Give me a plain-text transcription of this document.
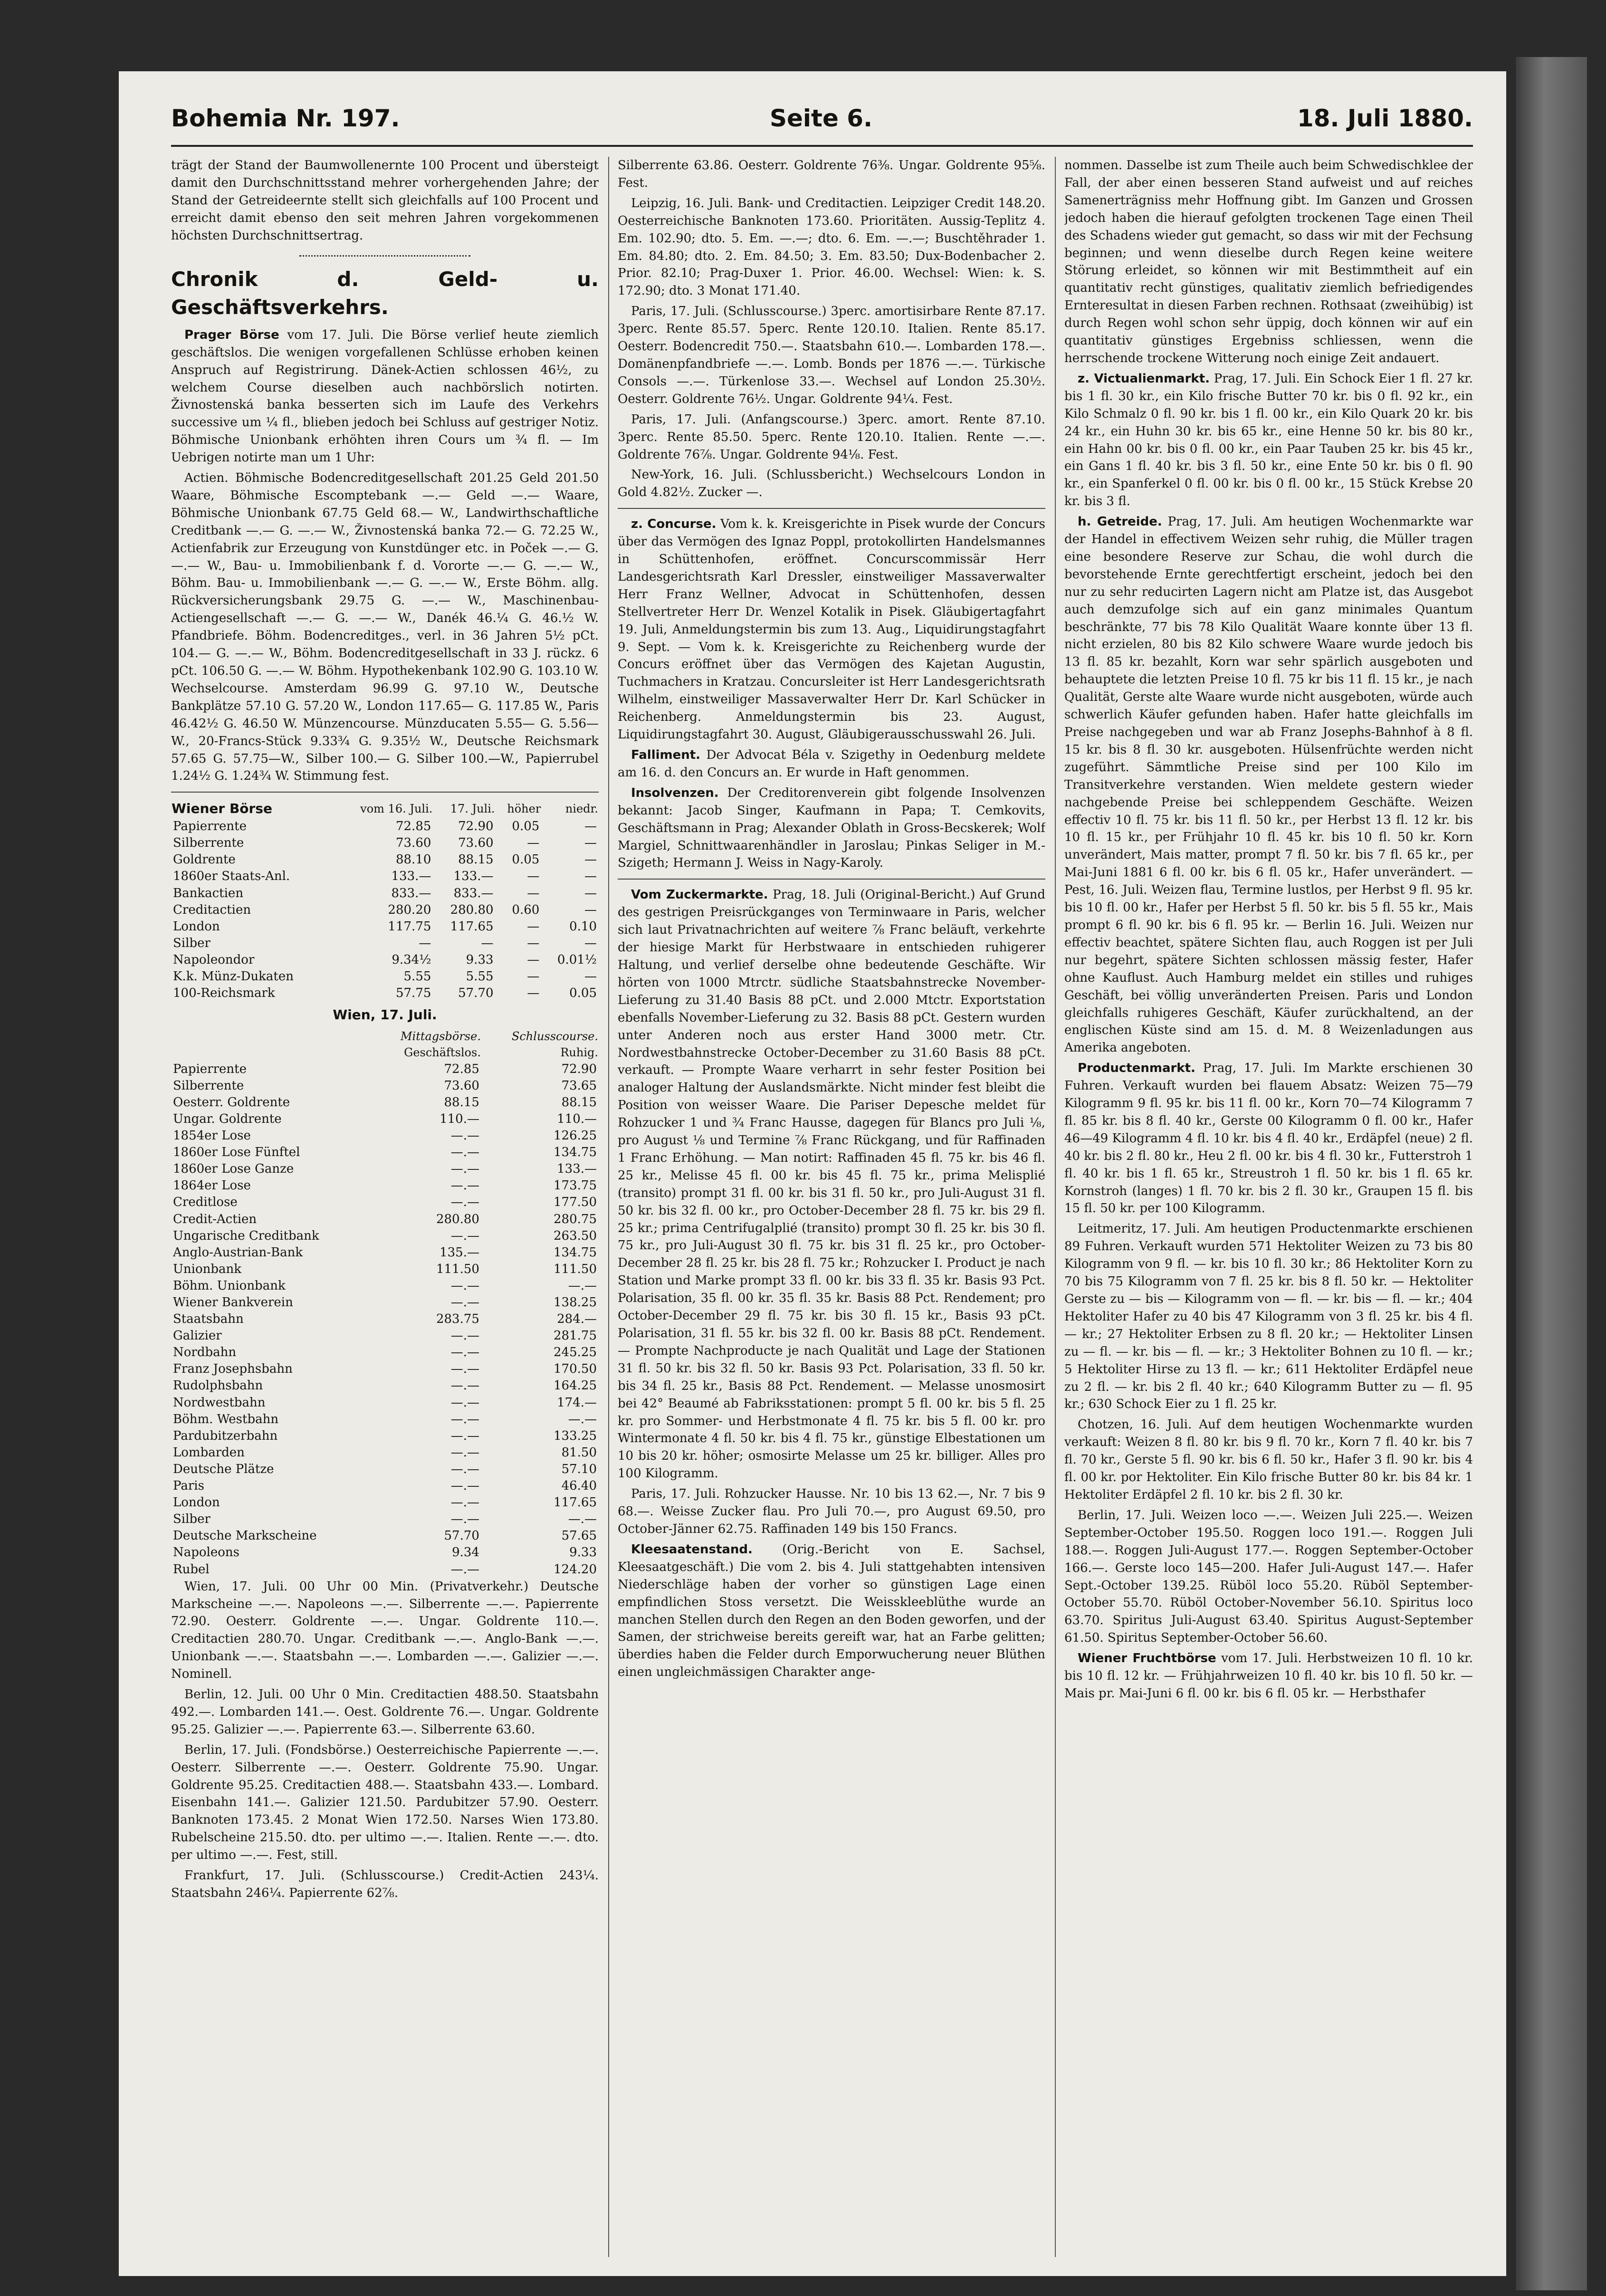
Bohemia Nr. 197.	Seite 6.	18. Juli 1880.

trägt der Stand der Baumwollenernte 100 Procent und übersteigt damit den Durchschnittsstand mehrer vorhergehenden Jahre; der Stand der Getreideernte stellt sich gleichfalls auf 100 Procent und erreicht damit ebenso den seit mehren Jahren vorgekommenen höchsten Durchschnittsertrag.

Chronik d. Geld- u. Geschäftsverkehrs.

Prager Börse vom 17. Juli. Die Börse verlief heute ziemlich geschäftslos. Die wenigen vorgefallenen Schlüsse erhoben keinen Anspruch auf Registrirung. Dänek-Actien schlossen 46½, zu welchem Course dieselben auch nachbörslich notirten. Živnostenská banka besserten sich im Laufe des Verkehrs successive um ¼ fl., blieben jedoch bei Schluss auf gestriger Notiz. Böhmische Unionbank erhöhten ihren Cours um ¾ fl. — Im Uebrigen notirte man um 1 Uhr:

Actien. Böhmische Bodencreditgesellschaft 201.25 Geld 201.50 Waare, Böhmische Escomptebank —.— Geld —.— Waare, Böhmische Unionbank 67.75 Geld 68.— W., Landwirthschaftliche Creditbank —.— G. —.— W., Živnostenská banka 72.— G. 72.25 W., Actienfabrik zur Erzeugung von Kunstdünger etc. in Poček —.— G. —.— W., Bau- u. Immobilienbank f. d. Vororte —.— G. —.— W., Böhm. Bau- u. Immobilienbank —.— G. —.— W., Erste Böhm. allg. Rückversicherungsbank 29.75 G. —.— W., Maschinenbau-Actiengesellschaft —.— G. —.— W., Danék 46.¼ G. 46.½ W. Pfandbriefe. Böhm. Bodencreditges., verl. in 36 Jahren 5½ pCt. 104.— G. —.— W., Böhm. Bodencreditgesellschaft in 33 J. rückz. 6 pCt. 106.50 G. —.— W. Böhm. Hypothekenbank 102.90 G. 103.10 W. Wechselcourse. Amsterdam 96.99 G. 97.10 W., Deutsche Bankplätze 57.10 G. 57.20 W., London 117.65— G. 117.85 W., Paris 46.42½ G. 46.50 W. Münzencourse. Münzducaten 5.55— G. 5.56— W., 20-Francs-Stück 9.33¾ G. 9.35½ W., Deutsche Reichsmark 57.65 G. 57.75—W., Silber 100.— G. Silber 100.—W., Papierrubel 1.24½ G. 1.24¾ W. Stimmung fest.

Wiener Börse	vom 16. Juli.	17. Juli.	höher	niedr.
Papierrente	72.85	72.90	0.05	—
Silberrente	73.60	73.60	—	—
Goldrente	88.10	88.15	0.05	—
1860er Staats-Anl.	133.—	133.—	—	—
Bankactien	833.—	833.—	—	—
Creditactien	280.20	280.80	0.60	—
London	117.75	117.65	—	0.10
Silber	—	—	—	—
Napoleondor	9.34½	9.33	—	0.01½
K.k. Münz-Dukaten	5.55	5.55	—	—
100-Reichsmark	57.75	57.70	—	0.05
Wien, 17. Juli.
	Mittagsbörse.	Schlusscourse.
	Geschäftslos.	Ruhig.
Papierrente	72.85	72.90
Silberrente	73.60	73.65
Oesterr. Goldrente	88.15	88.15
Ungar. Goldrente	110.—	110.—
1854er Lose	—.—	126.25
1860er Lose Fünftel	—.—	134.75
1860er Lose Ganze	—.—	133.—
1864er Lose	—.—	173.75
Creditlose	—.—	177.50
Credit-Actien	280.80	280.75
Ungarische Creditbank	—.—	263.50
Anglo-Austrian-Bank	135.—	134.75
Unionbank	111.50	111.50
Böhm. Unionbank	—.—	—.—
Wiener Bankverein	—.—	138.25
Staatsbahn	283.75	284.—
Galizier	—.—	281.75
Nordbahn	—.—	245.25
Franz Josephsbahn	—.—	170.50
Rudolphsbahn	—.—	164.25
Nordwestbahn	—.—	174.—
Böhm. Westbahn	—.—	—.—
Pardubitzerbahn	—.—	133.25
Lombarden	—.—	81.50
Deutsche Plätze	—.—	57.10
Paris	—.—	46.40
London	—.—	117.65
Silber	—.—	—.—
Deutsche Markscheine	57.70	57.65
Napoleons	9.34	9.33
Rubel	—.—	124.20

Wien, 17. Juli. 00 Uhr 00 Min. (Privatverkehr.) Deutsche Markscheine —.—. Napoleons —.—. Silberrente —.—. Papierrente 72.90. Oesterr. Goldrente —.—. Ungar. Goldrente 110.—. Creditactien 280.70. Ungar. Creditbank —.—. Anglo-Bank —.—. Unionbank —.—. Staatsbahn —.—. Lombarden —.—. Galizier —.—. Nominell.

Berlin, 12. Juli. 00 Uhr 0 Min. Creditactien 488.50. Staatsbahn 492.—. Lombarden 141.—. Oest. Goldrente 76.—. Ungar. Goldrente 95.25. Galizier —.—. Papierrente 63.—. Silberrente 63.60.

Berlin, 17. Juli. (Fondsbörse.) Oesterreichische Papierrente —.—. Oesterr. Silberrente —.—. Oesterr. Goldrente 75.90. Ungar. Goldrente 95.25. Creditactien 488.—. Staatsbahn 433.—. Lombard. Eisenbahn 141.—. Galizier 121.50. Pardubitzer 57.90. Oesterr. Banknoten 173.45. 2 Monat Wien 172.50. Narses Wien 173.80. Rubelscheine 215.50. dto. per ultimo —.—. Italien. Rente —.—. dto. per ultimo —.—. Fest, still.

Frankfurt, 17. Juli. (Schlusscourse.) Credit-Actien 243¼. Staatsbahn 246¼. Papierrente 62⅞.

Silberrente 63.86. Oesterr. Goldrente 76⅜. Ungar. Goldrente 95⅝. Fest.

Leipzig, 16. Juli. Bank- und Creditactien. Leipziger Credit 148.20. Oesterreichische Banknoten 173.60. Prioritäten. Aussig-Teplitz 4. Em. 102.90; dto. 5. Em. —.—; dto. 6. Em. —.—; Buschtěhrader 1. Em. 84.80; dto. 2. Em. 84.50; 3. Em. 83.50; Dux-Bodenbacher 2. Prior. 82.10; Prag-Duxer 1. Prior. 46.00. Wechsel: Wien: k. S. 172.90; dto. 3 Monat 171.40.

Paris, 17. Juli. (Schlusscourse.) 3perc. amortisirbare Rente 87.17. 3perc. Rente 85.57. 5perc. Rente 120.10. Italien. Rente 85.17. Oesterr. Bodencredit 750.—. Staatsbahn 610.—. Lombarden 178.—. Domänenpfandbriefe —.—. Lomb. Bonds per 1876 —.—. Türkische Consols —.—. Türkenlose 33.—. Wechsel auf London 25.30½. Oesterr. Goldrente 76½. Ungar. Goldrente 94¼. Fest.

Paris, 17. Juli. (Anfangscourse.) 3perc. amort. Rente 87.10. 3perc. Rente 85.50. 5perc. Rente 120.10. Italien. Rente —.—. Goldrente 76⅞. Ungar. Goldrente 94⅛. Fest.

New-York, 16. Juli. (Schlussbericht.) Wechselcours London in Gold 4.82½. Zucker —.

z. Concurse. Vom k. k. Kreisgerichte in Pisek wurde der Concurs über das Vermögen des Ignaz Poppl, protokollirten Handelsmannes in Schüttenhofen, eröffnet. Concurscommissär Herr Landesgerichtsrath Karl Dressler, einstweiliger Massaverwalter Herr Franz Wellner, Advocat in Schüttenhofen, dessen Stellvertreter Herr Dr. Wenzel Kotalik in Pisek. Gläubigertagfahrt 19. Juli, Anmeldungstermin bis zum 13. Aug., Liquidirungstagfahrt 9. Sept. — Vom k. k. Kreisgerichte zu Reichenberg wurde der Concurs eröffnet über das Vermögen des Kajetan Augustin, Tuchmachers in Kratzau. Concursleiter ist Herr Landesgerichtsrath Wilhelm, einstweiliger Massaverwalter Herr Dr. Karl Schücker in Reichenberg. Anmeldungstermin bis 23. August, Liquidirungstagfahrt 30. August, Gläubigerausschusswahl 26. Juli.

Falliment. Der Advocat Béla v. Szigethy in Oedenburg meldete am 16. d. den Concurs an. Er wurde in Haft genommen.

Insolvenzen. Der Creditorenverein gibt folgende Insolvenzen bekannt: Jacob Singer, Kaufmann in Papa; T. Cemkovits, Geschäftsmann in Prag; Alexander Oblath in Gross-Becskerek; Wolf Margiel, Schnittwaarenhändler in Jaroslau; Pinkas Seliger in M.-Szigeth; Hermann J. Weiss in Nagy-Karoly.

Vom Zuckermarkte. Prag, 18. Juli (Original-Bericht.) Auf Grund des gestrigen Preisrückganges von Terminwaare in Paris, welcher sich laut Privatnachrichten auf weitere ⅞ Franc beläuft, verkehrte der hiesige Markt für Herbstwaare in entschieden ruhigerer Haltung, und verlief derselbe ohne bedeutende Geschäfte. Wir hörten von 1000 Mtrctr. südliche Staatsbahnstrecke November-Lieferung zu 31.40 Basis 88 pCt. und 2.000 Mtctr. Exportstation ebenfalls November-Lieferung zu 32. Basis 88 pCt. Gestern wurden unter Anderen noch aus erster Hand 3000 metr. Ctr. Nordwestbahnstrecke October-December zu 31.60 Basis 88 pCt. verkauft. — Prompte Waare verharrt in sehr fester Position bei analoger Haltung der Auslandsmärkte. Nicht minder fest bleibt die Position von weisser Waare. Die Pariser Depesche meldet für Rohzucker 1 und ¾ Franc Hausse, dagegen für Blancs pro Juli ⅛, pro August ⅛ und Termine ⅞ Franc Rückgang, und für Raffinaden 1 Franc Erhöhung. — Man notirt: Raffinaden 45 fl. 75 kr. bis 46 fl. 25 kr., Melisse 45 fl. 00 kr. bis 45 fl. 75 kr., prima Melisplié (transito) prompt 31 fl. 00 kr. bis 31 fl. 50 kr., pro Juli-August 31 fl. 50 kr. bis 32 fl. 00 kr., pro October-December 28 fl. 75 kr. bis 29 fl. 25 kr.; prima Centrifugalplié (transito) prompt 30 fl. 25 kr. bis 30 fl. 75 kr., pro Juli-August 30 fl. 75 kr. bis 31 fl. 25 kr., pro October-December 28 fl. 25 kr. bis 28 fl. 75 kr.; Rohzucker I. Product je nach Station und Marke prompt 33 fl. 00 kr. bis 33 fl. 35 kr. Basis 93 Pct. Polarisation, 35 fl. 00 kr. 35 fl. 35 kr. Basis 88 Pct. Rendement; pro October-December 29 fl. 75 kr. bis 30 fl. 15 kr., Basis 93 pCt. Polarisation, 31 fl. 55 kr. bis 32 fl. 00 kr. Basis 88 pCt. Rendement. — Prompte Nachproducte je nach Qualität und Lage der Stationen 31 fl. 50 kr. bis 32 fl. 50 kr. Basis 93 Pct. Polarisation, 33 fl. 50 kr. bis 34 fl. 25 kr., Basis 88 Pct. Rendement. — Melasse unosmosirt bei 42° Beaumé ab Fabriksstationen: prompt 5 fl. 00 kr. bis 5 fl. 25 kr. pro Sommer- und Herbstmonate 4 fl. 75 kr. bis 5 fl. 00 kr. pro Wintermonate 4 fl. 50 kr. bis 4 fl. 75 kr., günstige Elbestationen um 10 bis 20 kr. höher; osmosirte Melasse um 25 kr. billiger. Alles pro 100 Kilogramm.

Paris, 17. Juli. Rohzucker Hausse. Nr. 10 bis 13 62.—, Nr. 7 bis 9 68.—. Weisse Zucker flau. Pro Juli 70.—, pro August 69.50, pro October-Jänner 62.75. Raffinaden 149 bis 150 Francs.

Kleesaatenstand. (Orig.-Bericht von E. Sachsel, Kleesaatgeschäft.) Die vom 2. bis 4. Juli stattgehabten intensiven Niederschläge haben der vorher so günstigen Lage einen empfindlichen Stoss versetzt. Die Weisskleeblüthe wurde an manchen Stellen durch den Regen an den Boden geworfen, und der Samen, der strichweise bereits gereift war, hat an Farbe gelitten; überdies haben die Felder durch Emporwucherung neuer Blüthen einen ungleichmässigen Charakter ange-

nommen. Dasselbe ist zum Theile auch beim Schwedischklee der Fall, der aber einen besseren Stand aufweist und auf reiches Samenerträgniss mehr Hoffnung gibt. Im Ganzen und Grossen jedoch haben die hierauf gefolgten trockenen Tage einen Theil des Schadens wieder gut gemacht, so dass wir mit der Fechsung beginnen; und wenn dieselbe durch Regen keine weitere Störung erleidet, so können wir mit Bestimmtheit auf ein quantitativ recht günstiges, qualitativ ziemlich befriedigendes Ernteresultat in diesen Farben rechnen. Rothsaat (zweihübig) ist durch Regen wohl schon sehr üppig, doch können wir auf ein quantitativ günstiges Ergebniss schliessen, wenn die herrschende trockene Witterung noch einige Zeit andauert.

z. Victualienmarkt. Prag, 17. Juli. Ein Schock Eier 1 fl. 27 kr. bis 1 fl. 30 kr., ein Kilo frische Butter 70 kr. bis 0 fl. 92 kr., ein Kilo Schmalz 0 fl. 90 kr. bis 1 fl. 00 kr., ein Kilo Quark 20 kr. bis 24 kr., ein Huhn 30 kr. bis 65 kr., eine Henne 50 kr. bis 80 kr., ein Hahn 00 kr. bis 0 fl. 00 kr., ein Paar Tauben 25 kr. bis 45 kr., ein Gans 1 fl. 40 kr. bis 3 fl. 50 kr., eine Ente 50 kr. bis 0 fl. 90 kr., ein Spanferkel 0 fl. 00 kr. bis 0 fl. 00 kr., 15 Stück Krebse 20 kr. bis 3 fl.

h. Getreide. Prag, 17. Juli. Am heutigen Wochenmarkte war der Handel in effectivem Weizen sehr ruhig, die Müller tragen eine besondere Reserve zur Schau, die wohl durch die bevorstehende Ernte gerechtfertigt erscheint, jedoch bei den nur zu sehr reducirten Lagern nicht am Platze ist, das Ausgebot auch demzufolge sich auf ein ganz minimales Quantum beschränkte, 77 bis 78 Kilo Qualität Waare konnte über 13 fl. nicht erzielen, 80 bis 82 Kilo schwere Waare wurde jedoch bis 13 fl. 85 kr. bezahlt, Korn war sehr spärlich ausgeboten und behauptete die letzten Preise 10 fl. 75 kr bis 11 fl. 15 kr., je nach Qualität, Gerste alte Waare wurde nicht ausgeboten, würde auch schwerlich Käufer gefunden haben. Hafer hatte gleichfalls im Preise nachgegeben und war ab Franz Josephs-Bahnhof à 8 fl. 15 kr. bis 8 fl. 30 kr. ausgeboten. Hülsenfrüchte werden nicht zugeführt. Sämmtliche Preise sind per 100 Kilo im Transitverkehre verstanden. Wien meldete gestern wieder nachgebende Preise bei schleppendem Geschäfte. Weizen effectiv 10 fl. 75 kr. bis 11 fl. 50 kr., per Herbst 13 fl. 12 kr. bis 10 fl. 15 kr., per Frühjahr 10 fl. 45 kr. bis 10 fl. 50 kr. Korn unverändert, Mais matter, prompt 7 fl. 50 kr. bis 7 fl. 65 kr., per Mai-Juni 1881 6 fl. 00 kr. bis 6 fl. 05 kr., Hafer unverändert. — Pest, 16. Juli. Weizen flau, Termine lustlos, per Herbst 9 fl. 95 kr. bis 10 fl. 00 kr., Hafer per Herbst 5 fl. 50 kr. bis 5 fl. 55 kr., Mais prompt 6 fl. 90 kr. bis 6 fl. 95 kr. — Berlin 16. Juli. Weizen nur effectiv beachtet, spätere Sichten flau, auch Roggen ist per Juli nur begehrt, spätere Sichten schlossen mässig fester, Hafer ohne Kauflust. Auch Hamburg meldet ein stilles und ruhiges Geschäft, bei völlig unveränderten Preisen. Paris und London gleichfalls ruhigeres Geschäft, Käufer zurückhaltend, an der englischen Küste sind am 15. d. M. 8 Weizenladungen aus Amerika angeboten.

Productenmarkt. Prag, 17. Juli. Im Markte erschienen 30 Fuhren. Verkauft wurden bei flauem Absatz: Weizen 75—79 Kilogramm 9 fl. 95 kr. bis 11 fl. 00 kr., Korn 70—74 Kilogramm 7 fl. 85 kr. bis 8 fl. 40 kr., Gerste 00 Kilogramm 0 fl. 00 kr., Hafer 46—49 Kilogramm 4 fl. 10 kr. bis 4 fl. 40 kr., Erdäpfel (neue) 2 fl. 40 kr. bis 2 fl. 80 kr., Heu 2 fl. 00 kr. bis 4 fl. 30 kr., Futterstroh 1 fl. 40 kr. bis 1 fl. 65 kr., Streustroh 1 fl. 50 kr. bis 1 fl. 65 kr. Kornstroh (langes) 1 fl. 70 kr. bis 2 fl. 30 kr., Graupen 15 fl. bis 15 fl. 50 kr. per 100 Kilogramm.

Leitmeritz, 17. Juli. Am heutigen Productenmarkte erschienen 89 Fuhren. Verkauft wurden 571 Hektoliter Weizen zu 73 bis 80 Kilogramm von 9 fl. — kr. bis 10 fl. 30 kr.; 86 Hektoliter Korn zu 70 bis 75 Kilogramm von 7 fl. 25 kr. bis 8 fl. 50 kr. — Hektoliter Gerste zu — bis — Kilogramm von — fl. — kr. bis — fl. — kr.; 404 Hektoliter Hafer zu 40 bis 47 Kilogramm von 3 fl. 25 kr. bis 4 fl. — kr.; 27 Hektoliter Erbsen zu 8 fl. 20 kr.; — Hektoliter Linsen zu — fl. — kr. bis — fl. — kr.; 3 Hektoliter Bohnen zu 10 fl. — kr.; 5 Hektoliter Hirse zu 13 fl. — kr.; 611 Hektoliter Erdäpfel neue zu 2 fl. — kr. bis 2 fl. 40 kr.; 640 Kilogramm Butter zu — fl. 95 kr.; 630 Schock Eier zu 1 fl. 25 kr.

Chotzen, 16. Juli. Auf dem heutigen Wochenmarkte wurden verkauft: Weizen 8 fl. 80 kr. bis 9 fl. 70 kr., Korn 7 fl. 40 kr. bis 7 fl. 70 kr., Gerste 5 fl. 90 kr. bis 6 fl. 50 kr., Hafer 3 fl. 90 kr. bis 4 fl. 00 kr. por Hektoliter. Ein Kilo frische Butter 80 kr. bis 84 kr. 1 Hektoliter Erdäpfel 2 fl. 10 kr. bis 2 fl. 30 kr.

Berlin, 17. Juli. Weizen loco —.—. Weizen Juli 225.—. Weizen September-October 195.50. Roggen loco 191.—. Roggen Juli 188.—. Roggen Juli-August 177.—. Roggen September-October 166.—. Gerste loco 145—200. Hafer Juli-August 147.—. Hafer Sept.-October 139.25. Rüböl loco 55.20. Rüböl September-October 55.70. Rüböl October-November 56.10. Spiritus loco 63.70. Spiritus Juli-August 63.40. Spiritus August-September 61.50. Spiritus September-October 56.60.

Wiener Fruchtbörse vom 17. Juli. Herbstweizen 10 fl. 10 kr. bis 10 fl. 12 kr. — Frühjahrweizen 10 fl. 40 kr. bis 10 fl. 50 kr. — Mais pr. Mai-Juni 6 fl. 00 kr. bis 6 fl. 05 kr. — Herbsthafer
